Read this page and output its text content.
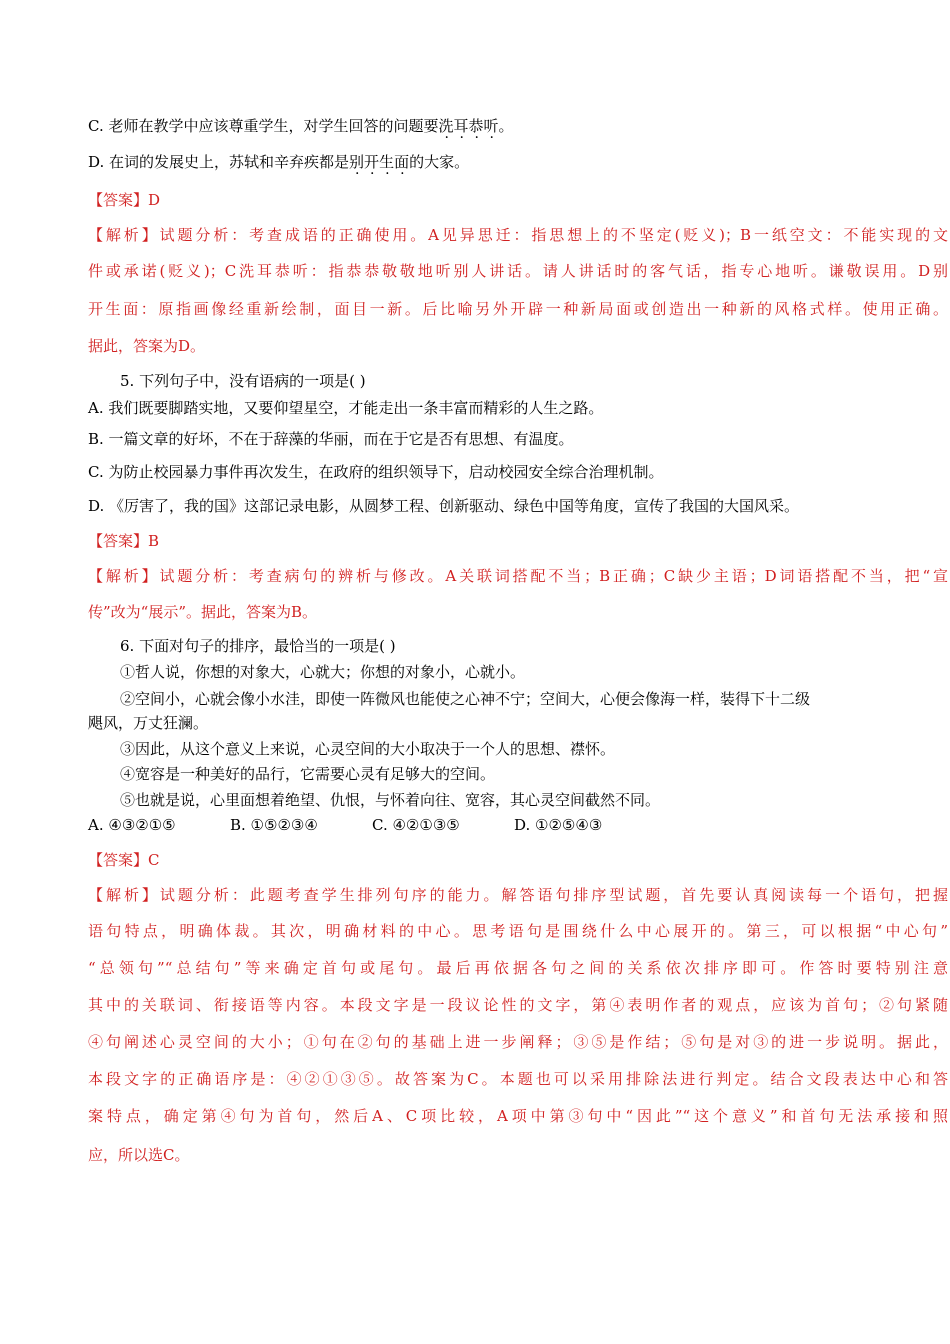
C. 老师在教学中应该尊重学生，对学生回答的问题要洗耳恭听。
D. 在词的发展史上，苏轼和辛弃疾都是别开生面的大家。
【答案】D
【解析】试题分析：考查成语的正确使用。A见异思迁：指思想上的不坚定(贬义)；B一纸空文：不能实现的文
件或承诺(贬义)；C洗耳恭听：指恭恭敬敬地听别人讲话。请人讲话时的客气话，指专心地听。谦敬误用。D别
开生面：原指画像经重新绘制，面目一新。后比喻另外开辟一种新局面或创造出一种新的风格式样。使用正确。
据此，答案为D。
5. 下列句子中，没有语病的一项是( )
A. 我们既要脚踏实地，又要仰望星空，才能走出一条丰富而精彩的人生之路。
B. 一篇文章的好坏，不在于辞藻的华丽，而在于它是否有思想、有温度。
C. 为防止校园暴力事件再次发生，在政府的组织领导下，启动校园安全综合治理机制。
D. 《厉害了，我的国》这部记录电影，从圆梦工程、创新驱动、绿色中国等角度，宣传了我国的大国风采。
【答案】B
【解析】试题分析：考查病句的辨析与修改。A关联词搭配不当；B正确；C缺少主语；D词语搭配不当，把“宣
传”改为“展示”。据此，答案为B。
6. 下面对句子的排序，最恰当的一项是( )
①哲人说，你想的对象大，心就大；你想的对象小，心就小。
②空间小，心就会像小水洼，即使一阵微风也能使之心神不宁；空间大，心便会像海一样，装得下十二级
飓风，万丈狂澜。
③因此，从这个意义上来说，心灵空间的大小取决于一个人的思想、襟怀。
④宽容是一种美好的品行，它需要心灵有足够大的空间。
⑤也就是说，心里面想着绝望、仇恨，与怀着向往、宽容，其心灵空间截然不同。
A. ④③②①⑤	B. ①⑤②③④	C. ④②①③⑤	D. ①②⑤④③
【答案】C
【解析】试题分析：此题考查学生排列句序的能力。解答语句排序型试题，首先要认真阅读每一个语句，把握
语句特点，明确体裁。其次，明确材料的中心。思考语句是围绕什么中心展开的。第三，可以根据“中心句”
“总领句”“总结句”等来确定首句或尾句。最后再依据各句之间的关系依次排序即可。作答时要特别注意
其中的关联词、衔接语等内容。本段文字是一段议论性的文字，第④表明作者的观点，应该为首句；②句紧随
④句阐述心灵空间的大小；①句在②句的基础上进一步阐释；③⑤是作结；⑤句是对③的进一步说明。据此，
本段文字的正确语序是：④②①③⑤。故答案为C。本题也可以采用排除法进行判定。结合文段表达中心和答
案特点，确定第④句为首句，然后A、C项比较，A项中第③句中“因此”“这个意义”和首句无法承接和照
应，所以选C。
